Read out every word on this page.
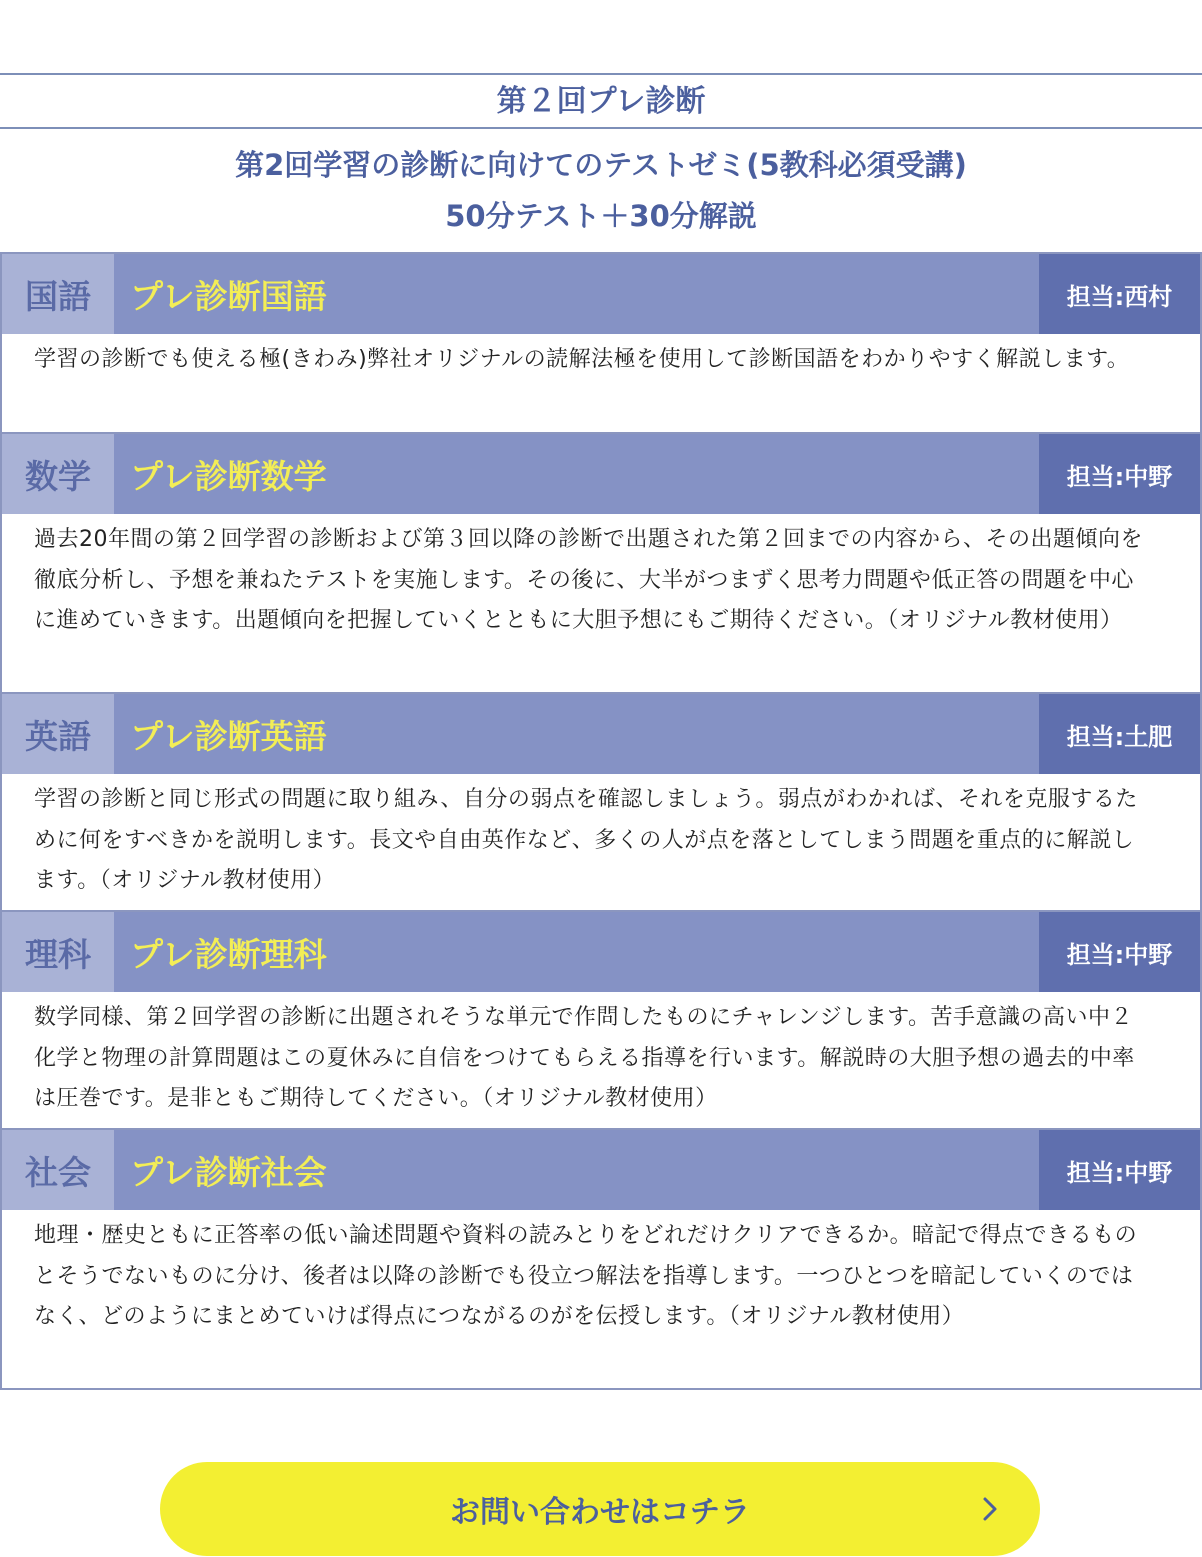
第２回プレ診断
第2回学習の診断に向けてのテストゼミ(5教科必須受講)
50分テスト＋30分解説
国語	プレ診断国語	担当:西村
学習の診断でも使える極(きわみ)弊社オリジナルの読解法極を使用して診断国語をわかりやすく解説します。
数学	プレ診断数学	担当:中野
過去20年間の第２回学習の診断および第３回以降の診断で出題された第２回までの内容から、その出題傾向を徹底分析し、予想を兼ねたテストを実施します。その後に、大半がつまずく思考力問題や低正答の問題を中心に進めていきます。出題傾向を把握していくとともに大胆予想にもご期待ください。（オリジナル教材使用）
英語	プレ診断英語	担当:土肥
学習の診断と同じ形式の問題に取り組み、自分の弱点を確認しましょう。弱点がわかれば、それを克服するために何をすべきかを説明します。長文や自由英作など、多くの人が点を落としてしまう問題を重点的に解説します。（オリジナル教材使用）
理科	プレ診断理科	担当:中野
数学同様、第２回学習の診断に出題されそうな単元で作問したものにチャレンジします。苦手意識の高い中２化学と物理の計算問題はこの夏休みに自信をつけてもらえる指導を行います。解説時の大胆予想の過去的中率は圧巻です。是非ともご期待してください。（オリジナル教材使用）
社会	プレ診断社会	担当:中野
地理・歴史ともに正答率の低い論述問題や資料の読みとりをどれだけクリアできるか。暗記で得点できるものとそうでないものに分け、後者は以降の診断でも役立つ解法を指導します。一つひとつを暗記していくのではなく、どのようにまとめていけば得点につながるのがを伝授します。（オリジナル教材使用）
お問い合わせはコチラ
